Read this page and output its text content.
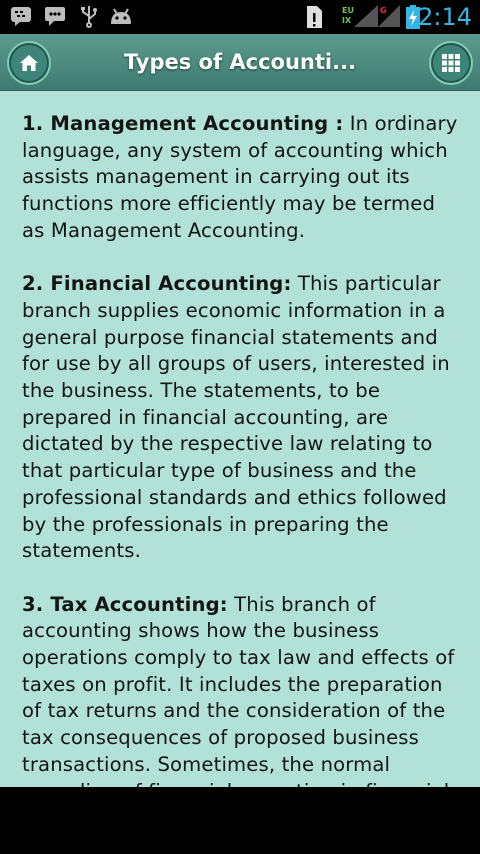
EU
IX
G 2:14
Types of Accounti...

1. Management Accounting : In ordinary language, any system of accounting which assists management in carrying out its functions more efficiently may be termed as Management Accounting.

2. Financial Accounting: This particular branch supplies economic information in a general purpose financial statements and for use by all groups of users, interested in the business. The statements, to be prepared in financial accounting, are dictated by the respective law relating to that particular type of business and the professional standards and ethics followed by the professionals in preparing the statements.

3. Tax Accounting: This branch of accounting shows how the business operations comply to tax law and effects of taxes on profit. It includes the preparation of tax returns and the consideration of the tax consequences of proposed business transactions. Sometimes, the normal
